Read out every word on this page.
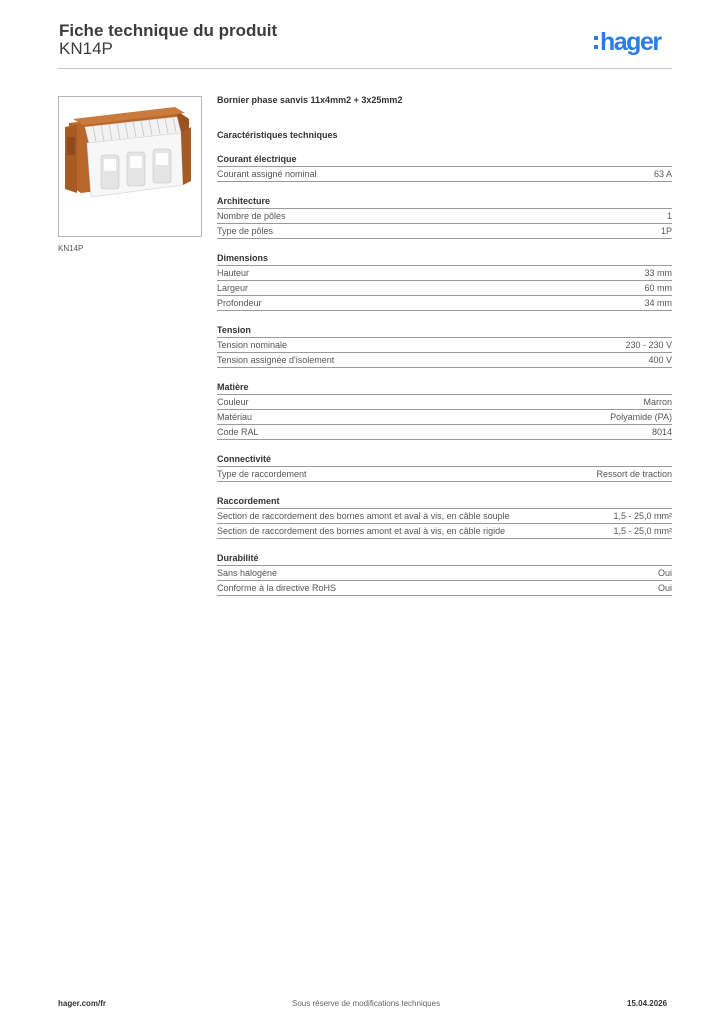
Fiche technique du produit
KN14P	hager
KN14P
Bornier phase sanvis 11x4mm2 + 3x25mm2
Caractéristiques techniques
Courant électrique
Courant assigné nominal	63 A
Architecture
Nombre de pôles	1
Type de pôles	1P
Dimensions
Hauteur	33 mm
Largeur	60 mm
Profondeur	34 mm
Tension
Tension nominale	230 - 230 V
Tension assignée d'isolement	400 V
Matière
Couleur	Marron
Matériau	Polyamide (PA)
Code RAL	8014
Connectivité
Type de raccordement	Ressort de traction
Raccordement
Section de raccordement des bornes amont et aval à vis, en câble souple	1,5 - 25,0 mm²
Section de raccordement des bornes amont et aval à vis, en câble rigide	1,5 - 25,0 mm²
Durabilité
Sans halogène	Oui
Conforme à la directive RoHS	Oui
hager.com/fr	Sous réserve de modifications techniques	15.04.2026
